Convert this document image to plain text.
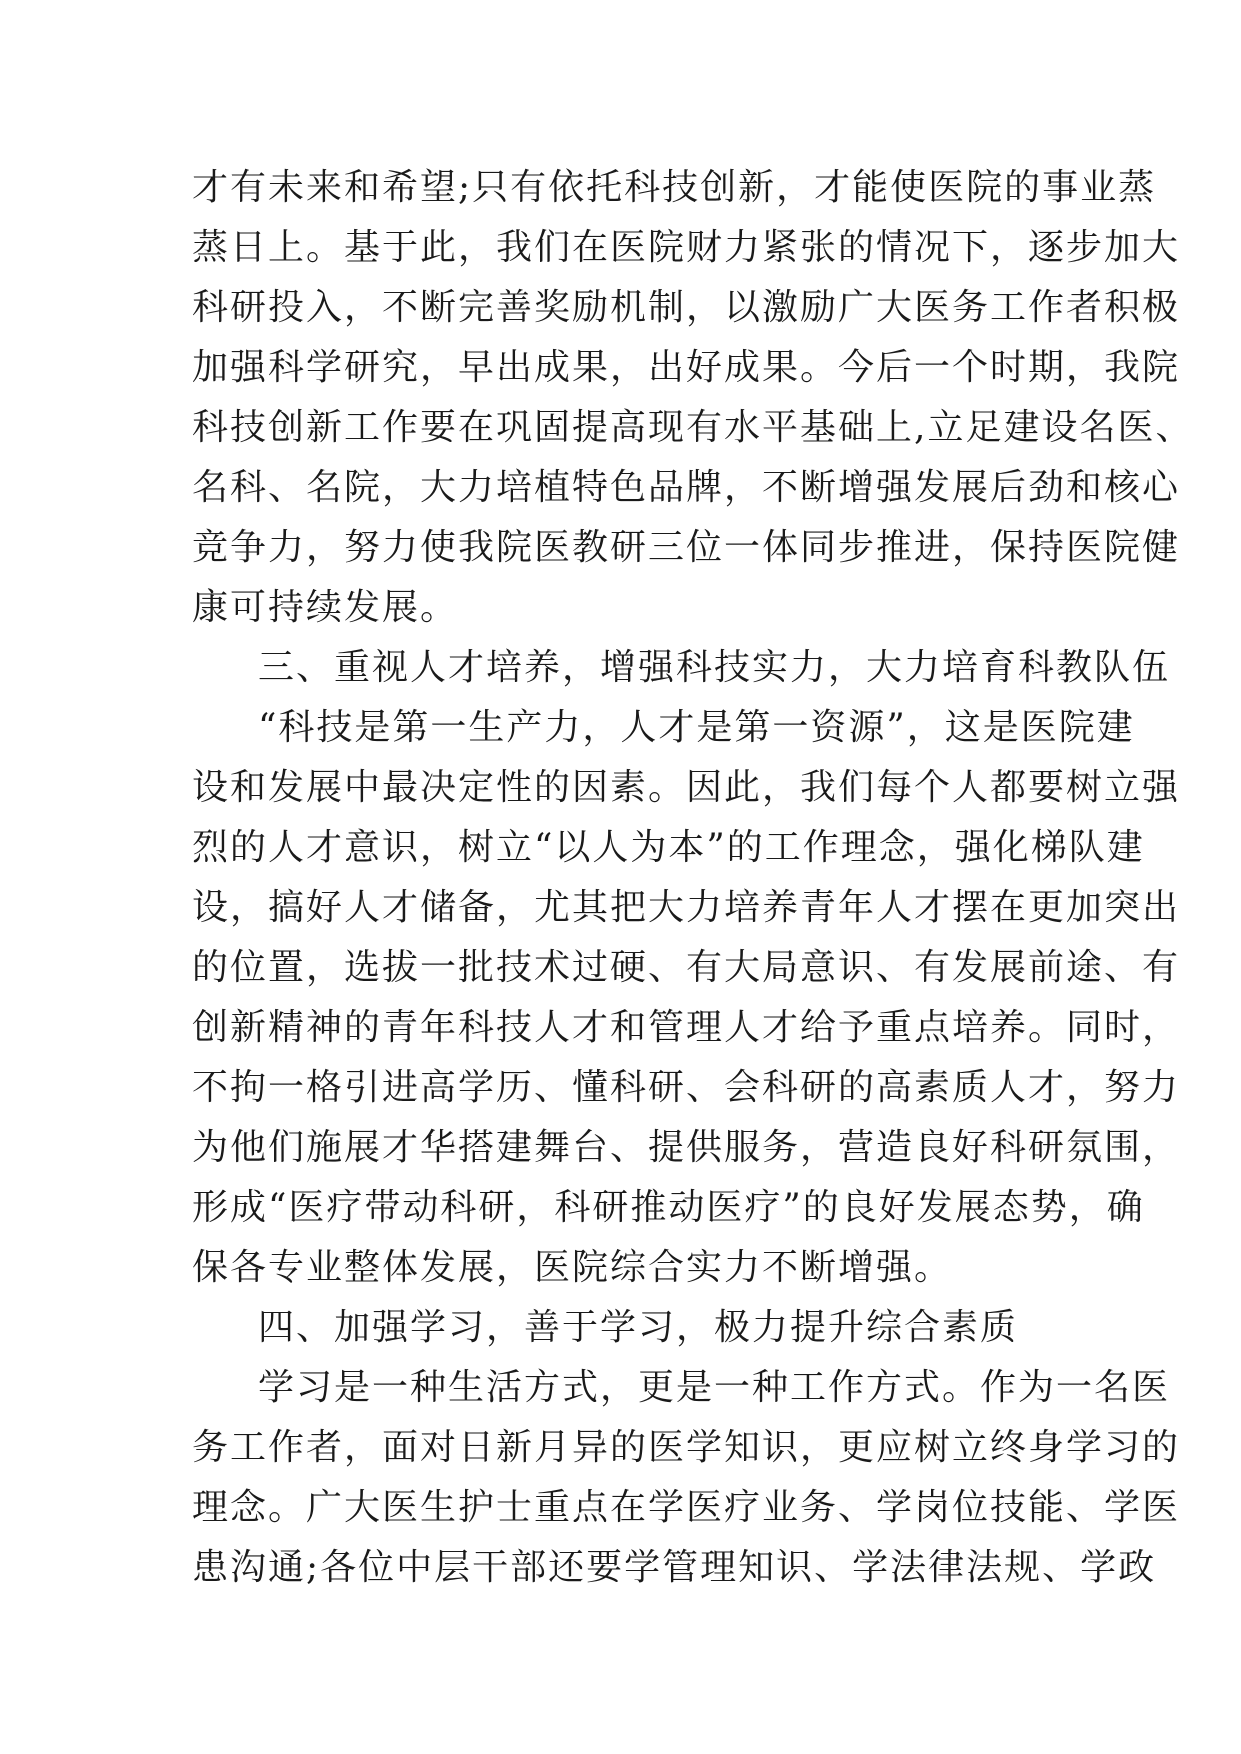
才有未来和希望;只有依托科技创新，才能使医院的事业蒸
蒸日上。基于此，我们在医院财力紧张的情况下，逐步加大
科研投入，不断完善奖励机制，以激励广大医务工作者积极
加强科学研究，早出成果，出好成果。今后一个时期，我院
科技创新工作要在巩固提高现有水平基础上,立足建设名医、
名科、名院，大力培植特色品牌，不断增强发展后劲和核心
竞争力，努力使我院医教研三位一体同步推进，保持医院健
康可持续发展。
三、重视人才培养，增强科技实力，大力培育科教队伍
“科技是第一生产力，人才是第一资源”，这是医院建
设和发展中最决定性的因素。因此，我们每个人都要树立强
烈的人才意识，树立“以人为本”的工作理念，强化梯队建
设，搞好人才储备，尤其把大力培养青年人才摆在更加突出
的位置，选拔一批技术过硬、有大局意识、有发展前途、有
创新精神的青年科技人才和管理人才给予重点培养。同时，
不拘一格引进高学历、懂科研、会科研的高素质人才，努力
为他们施展才华搭建舞台、提供服务，营造良好科研氛围，
形成“医疗带动科研，科研推动医疗”的良好发展态势，确
保各专业整体发展，医院综合实力不断增强。
四、加强学习，善于学习，极力提升综合素质
学习是一种生活方式，更是一种工作方式。作为一名医
务工作者，面对日新月异的医学知识，更应树立终身学习的
理念。广大医生护士重点在学医疗业务、学岗位技能、学医
患沟通;各位中层干部还要学管理知识、学法律法规、学政
